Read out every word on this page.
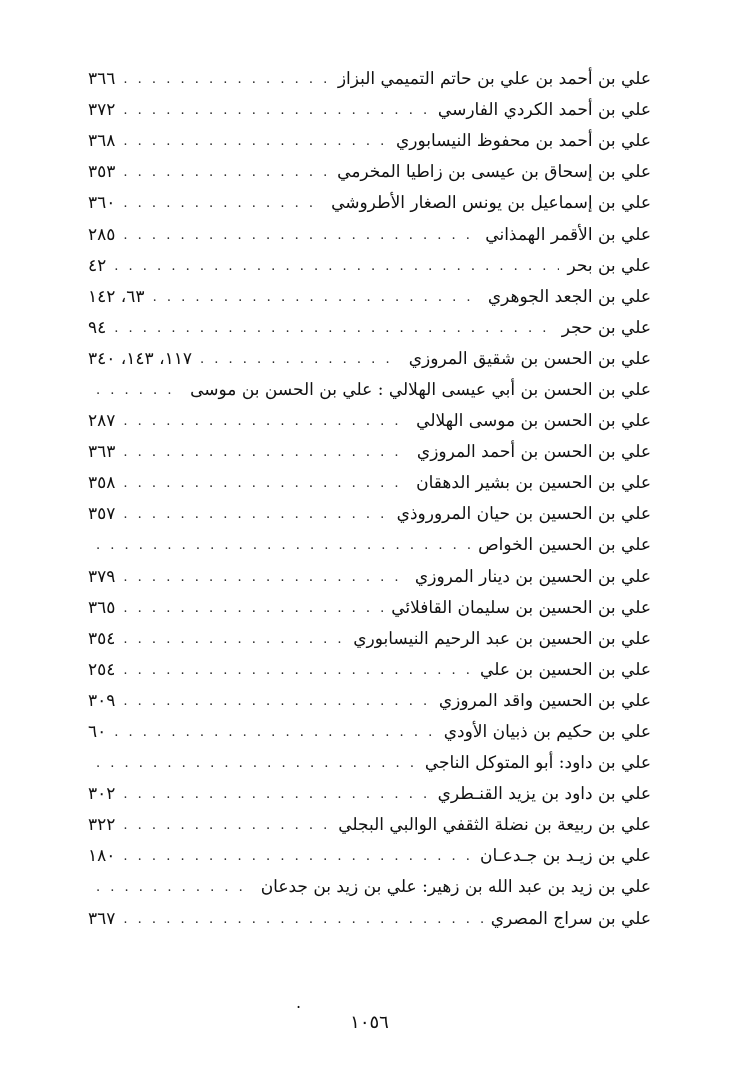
علي بن أحمد بن علي بن حاتم التميمي البزاز
. . .
٣٦٦
علي بن أحمد الكردي الفارسي
. . .
٣٧٢
علي بن أحمد بن محفوظ النيسابوري
. . .
٣٦٨
علي بن إسحاق بن عيسى بن زاطيا المخرمي
. . .
٣٥٣
علي بن إسماعيل بن يونس الصغار الأطروشي
. . .
٣٦٠
علي بن الأقمر الهمذاني
. . .
٢٨٥
علي بن بحر
. . .
٤٢
علي بن الجعد الجوهري
. . .
٦٣، ١٤٢
علي بن حجر
. . .
٩٤
علي بن الحسن بن شقيق المروزي
. . .
١١٧، ١٤٣، ٣٤٠
علي بن الحسن بن أبي عيسى الهلالي : علي بن الحسن بن موسى
. . .
علي بن الحسن بن موسى الهلالي
. . .
٢٨٧
علي بن الحسن بن أحمد المروزي
. . .
٣٦٣
علي بن الحسين بن بشير الدهقان
. . .
٣٥٨
علي بن الحسين بن حيان المروروذي
. . .
٣٥٧
علي بن الحسين الخواص
. . .
علي بن الحسين بن دينار المروزي
. . .
٣٧٩
علي بن الحسين بن سليمان القافلائي
. . .
٣٦٥
علي بن الحسين بن عبد الرحيم النيسابوري
. . .
٣٥٤
علي بن الحسين بن علي
. . .
٢٥٤
علي بن الحسين واقد المروزي
. . .
٣٠٩
علي بن حكيم بن ذبيان الأودي
. . .
٦٠
علي بن داود: أبو المتوكل الناجي
. . .
علي بن داود بن يزيد القنـطري
. . .
٣٠٢
علي بن ربيعة بن نضلة الثقفي الوالبي البجلي
. . .
٣٢٢
علي بن زيـد بن جـدعـان
. . .
١٨٠
علي بن زيد بن عبد الله بن زهير: علي بن زيد بن جدعان
. . .
علي بن سراج المصري
. . .
٣٦٧
.
١٠٥٦
